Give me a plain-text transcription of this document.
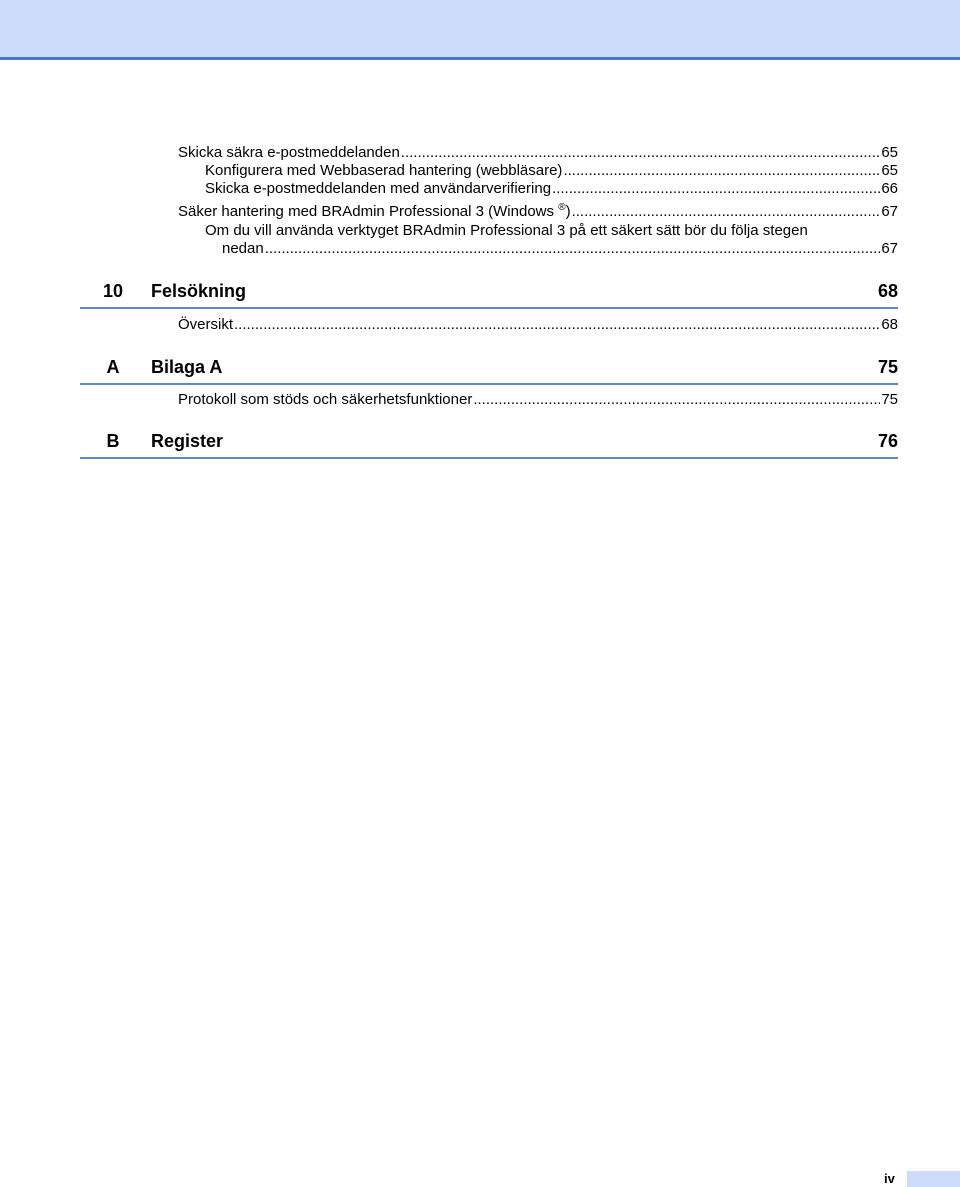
Skicka säkra e-postmeddelanden .....	65
Konfigurera med Webbaserad hantering (webbläsare) .....	65
Skicka e-postmeddelanden med användarverifiering .....	66
Säker hantering med BRAdmin Professional 3 (Windows ®) .....	67
Om du vill använda verktyget BRAdmin Professional 3 på ett säkert sätt bör du följa stegen
nedan .....	67
10	Felsökning	68
Översikt .....	68
A	Bilaga A	75
Protokoll som stöds och säkerhetsfunktioner .....	75
B	Register	76
iv
